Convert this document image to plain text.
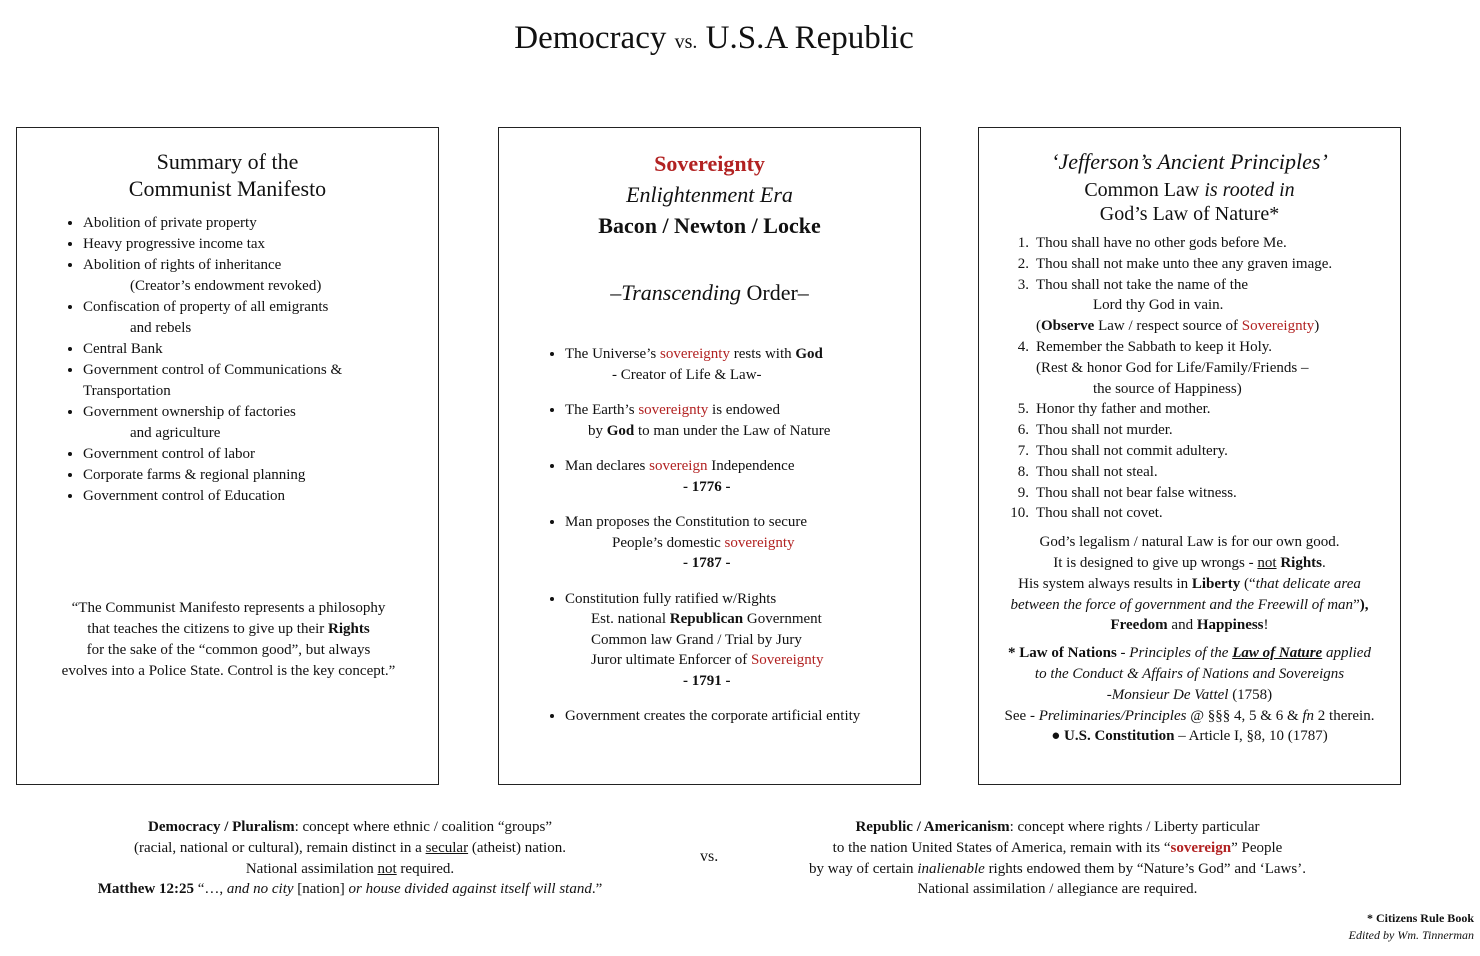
Democracy vs. U.S.A Republic
Summary of the
Communist Manifesto
• Abolition of private property
• Heavy progressive income tax
• Abolition of rights of inheritance
(Creator’s endowment revoked)
• Confiscation of property of all emigrants
and rebels
• Central Bank
• Government control of Communications &
Transportation
• Government ownership of factories
and agriculture
• Government control of labor
• Corporate farms & regional planning
• Government control of Education
“The Communist Manifesto represents a philosophy
that teaches the citizens to give up their Rights
for the sake of the “common good”, but always
evolves into a Police State. Control is the key concept.”
Sovereignty
Enlightenment Era
Bacon / Newton / Locke
–Transcending Order–
• The Universe’s sovereignty rests with God
- Creator of Life & Law-
• The Earth’s sovereignty is endowed
by God to man under the Law of Nature
• Man declares sovereign Independence
- 1776 -
• Man proposes the Constitution to secure
People’s domestic sovereignty
- 1787 -
• Constitution fully ratified w/Rights
Est. national Republican Government
Common law Grand / Trial by Jury
Juror ultimate Enforcer of Sovereignty
- 1791 -
• Government creates the corporate artificial entity
‘Jefferson’s Ancient Principles’
Common Law is rooted in
God’s Law of Nature*
1. Thou shall have no other gods before Me.
2. Thou shall not make unto thee any graven image.
3. Thou shall not take the name of the
Lord thy God in vain.
(Observe Law / respect source of Sovereignty)
4. Remember the Sabbath to keep it Holy.
(Rest & honor God for Life/Family/Friends –
the source of Happiness)
5. Honor thy father and mother.
6. Thou shall not murder.
7. Thou shall not commit adultery.
8. Thou shall not steal.
9. Thou shall not bear false witness.
10. Thou shall not covet.
God’s legalism / natural Law is for our own good.
It is designed to give up wrongs - not Rights.
His system always results in Liberty (“that delicate area
between the force of government and the Freewill of man”),
Freedom and Happiness!
* Law of Nations - Principles of the Law of Nature applied
to the Conduct & Affairs of Nations and Sovereigns
-Monsieur De Vattel (1758)
See - Preliminaries/Principles @ §§§ 4, 5 & 6 & fn 2 therein.
● U.S. Constitution – Article I, §8, 10 (1787)
Democracy / Pluralism: concept where ethnic / coalition “groups”
(racial, national or cultural), remain distinct in a secular (atheist) nation.
National assimilation not required.
Matthew 12:25 “…, and no city [nation] or house divided against itself will stand.”
vs.
Republic / Americanism: concept where rights / Liberty particular
to the nation United States of America, remain with its “sovereign” People
by way of certain inalienable rights endowed them by “Nature’s God” and ‘Laws’.
National assimilation / allegiance are required.
* Citizens Rule Book
Edited by Wm. Tinnerman
